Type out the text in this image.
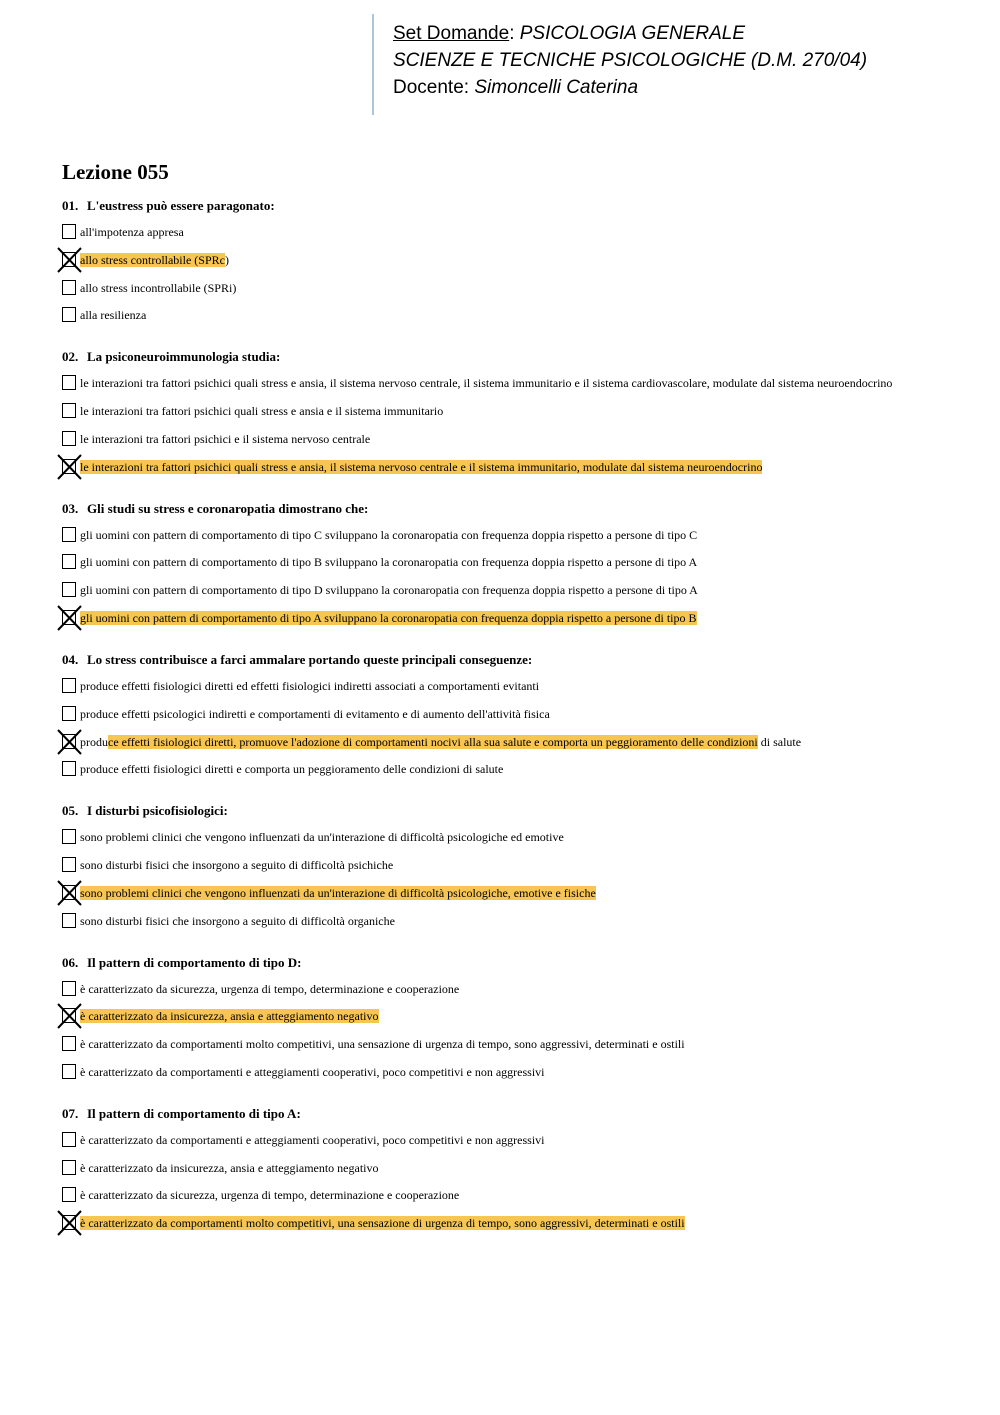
Set Domande: PSICOLOGIA GENERALE
SCIENZE E TECNICHE PSICOLOGICHE (D.M. 270/04)
Docente: Simoncelli Caterina
Lezione 055
01. L'eustress può essere paragonato:
all'impotenza appresa
allo stress controllabile (SPRc)
allo stress incontrollabile (SPRi)
alla resilienza
02. La psiconeuroimmunologia studia:
le interazioni tra fattori psichici quali stress e ansia, il sistema nervoso centrale, il sistema immunitario e il sistema cardiovascolare, modulate dal sistema neuroendocrino
le interazioni tra fattori psichici quali stress e ansia e il sistema immunitario
le interazioni tra fattori psichici e il sistema nervoso centrale
le interazioni tra fattori psichici quali stress e ansia, il sistema nervoso centrale e il sistema immunitario, modulate dal sistema neuroendocrino
03. Gli studi su stress e coronaropatia dimostrano che:
gli uomini con pattern di comportamento di tipo C sviluppano la coronaropatia con frequenza doppia rispetto a persone di tipo C
gli uomini con pattern di comportamento di tipo B sviluppano la coronaropatia con frequenza doppia rispetto a persone di tipo A
gli uomini con pattern di comportamento di tipo D sviluppano la coronaropatia con frequenza doppia rispetto a persone di tipo A
gli uomini con pattern di comportamento di tipo A sviluppano la coronaropatia con frequenza doppia rispetto a persone di tipo B
04. Lo stress contribuisce a farci ammalare portando queste principali conseguenze:
produce effetti fisiologici diretti ed effetti fisiologici indiretti associati a comportamenti evitanti
produce effetti psicologici indiretti e comportamenti di evitamento e di aumento dell'attività fisica
produce effetti fisiologici diretti, promuove l'adozione di comportamenti nocivi alla sua salute e comporta un peggioramento delle condizioni di salute
produce effetti fisiologici diretti e comporta un peggioramento delle condizioni di salute
05. I disturbi psicofisiologici:
sono problemi clinici che vengono influenzati da un'interazione di difficoltà psicologiche ed emotive
sono disturbi fisici che insorgono a seguito di difficoltà psichiche
sono problemi clinici che vengono influenzati da un'interazione di difficoltà psicologiche, emotive e fisiche
sono disturbi fisici che insorgono a seguito di difficoltà organiche
06. Il pattern di comportamento di tipo D:
è caratterizzato da sicurezza, urgenza di tempo, determinazione e cooperazione
è caratterizzato da insicurezza, ansia e atteggiamento negativo
è caratterizzato da comportamenti molto competitivi, una sensazione di urgenza di tempo, sono aggressivi, determinati e ostili
è caratterizzato da comportamenti e atteggiamenti cooperativi, poco competitivi e non aggressivi
07. Il pattern di comportamento di tipo A:
è caratterizzato da comportamenti e atteggiamenti cooperativi, poco competitivi e non aggressivi
è caratterizzato da insicurezza, ansia e atteggiamento negativo
è caratterizzato da sicurezza, urgenza di tempo, determinazione e cooperazione
è caratterizzato da comportamenti molto competitivi, una sensazione di urgenza di tempo, sono aggressivi, determinati e ostili
